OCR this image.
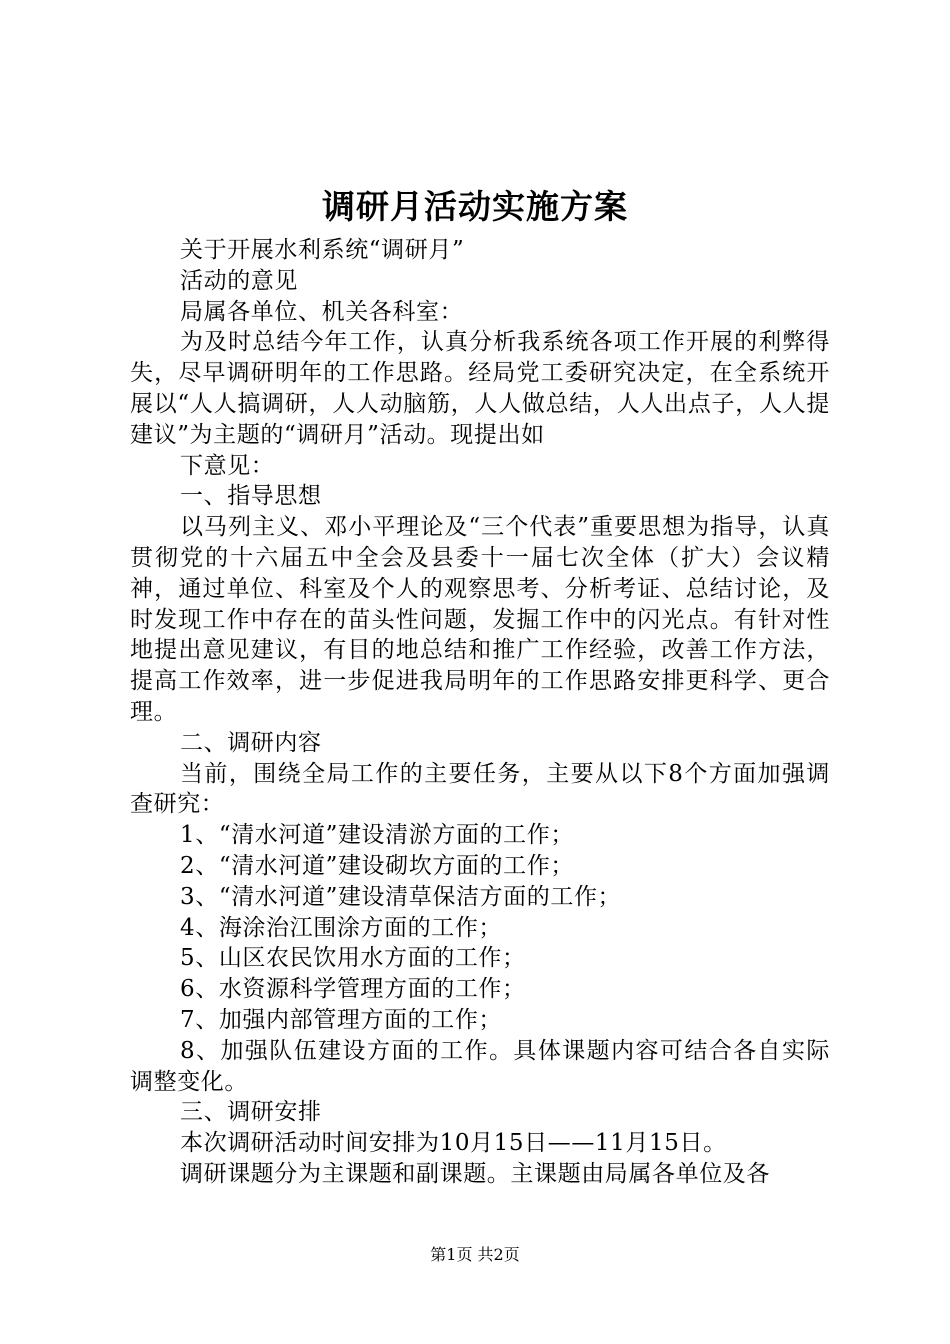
调研月活动实施方案

关于开展水利系统“调研月”

活动的意见

局属各单位、机关各科室：

为及时总结今年工作，认真分析我系统各项工作开展的利弊得失，尽早调研明年的工作思路。经局党工委研究决定，在全系统开展以“人人搞调研，人人动脑筋，人人做总结，人人出点子，人人提建议”为主题的“调研月”活动。现提出如

下意见：

一、指导思想

以马列主义、邓小平理论及“三个代表”重要思想为指导，认真贯彻党的十六届五中全会及县委十一届七次全体（扩大）会议精神，通过单位、科室及个人的观察思考、分析考证、总结讨论，及时发现工作中存在的苗头性问题，发掘工作中的闪光点。有针对性地提出意见建议，有目的地总结和推广工作经验，改善工作方法，提高工作效率，进一步促进我局明年的工作思路安排更科学、更合理。

二、调研内容

当前，围绕全局工作的主要任务，主要从以下8个方面加强调查研究：

1、“清水河道”建设清淤方面的工作；

2、“清水河道”建设砌坎方面的工作；

3、“清水河道”建设清草保洁方面的工作；

4、海涂治江围涂方面的工作；

5、山区农民饮用水方面的工作；

6、水资源科学管理方面的工作；

7、加强内部管理方面的工作；

8、加强队伍建设方面的工作。具体课题内容可结合各自实际调整变化。

三、调研安排

本次调研活动时间安排为10月15日——11月15日。

调研课题分为主课题和副课题。主课题由局属各单位及各

第1页 共2页
